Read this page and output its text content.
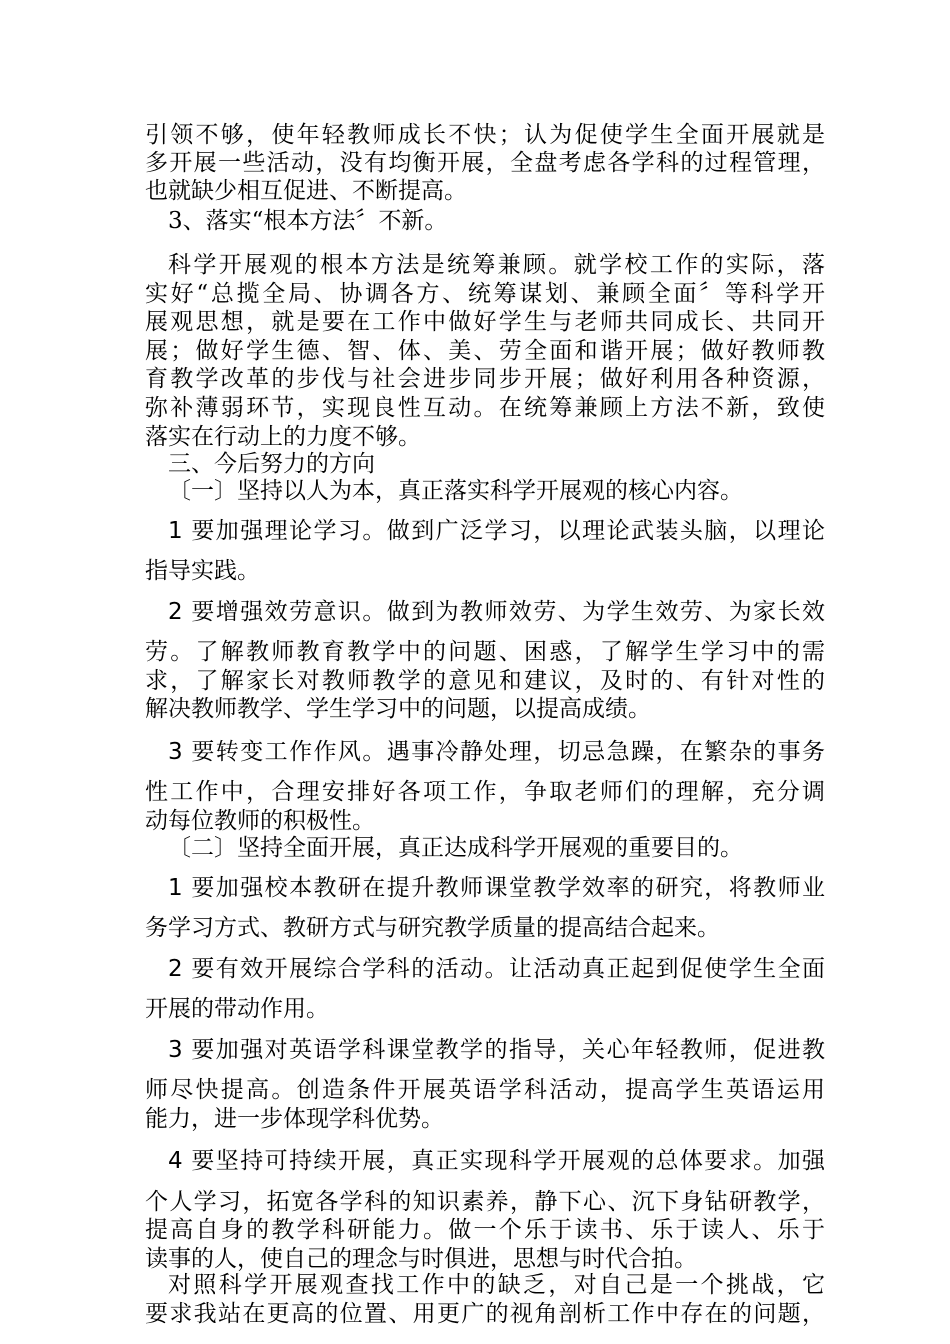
引领不够，使年轻教师成长不快；认为促使学生全面开展就是

多开展一些活动，没有均衡开展，全盘考虑各学科的过程管理，

也就缺少相互促进、不断提高。

3、落实“根本方法〞不新。

科学开展观的根本方法是统筹兼顾。就学校工作的实际，落

实好“总揽全局、协调各方、统筹谋划、兼顾全面〞等科学开

展观思想，就是要在工作中做好学生与老师共同成长、共同开

展；做好学生德、智、体、美、劳全面和谐开展；做好教师教

育教学改革的步伐与社会进步同步开展；做好利用各种资源，

弥补薄弱环节，实现良性互动。在统筹兼顾上方法不新，致使

落实在行动上的力度不够。

三、今后努力的方向

〔一〕坚持以人为本，真正落实科学开展观的核心内容。

1 要加强理论学习。做到广泛学习，以理论武装头脑，以理论

指导实践。

2 要增强效劳意识。做到为教师效劳、为学生效劳、为家长效

劳。了解教师教育教学中的问题、困惑，了解学生学习中的需

求，了解家长对教师教学的意见和建议，及时的、有针对性的

解决教师教学、学生学习中的问题，以提高成绩。

3 要转变工作作风。遇事冷静处理，切忌急躁，在繁杂的事务

性工作中，合理安排好各项工作，争取老师们的理解，充分调

动每位教师的积极性。

〔二〕坚持全面开展，真正达成科学开展观的重要目的。

1 要加强校本教研在提升教师课堂教学效率的研究，将教师业

务学习方式、教研方式与研究教学质量的提高结合起来。

2 要有效开展综合学科的活动。让活动真正起到促使学生全面

开展的带动作用。

3 要加强对英语学科课堂教学的指导，关心年轻教师，促进教

师尽快提高。创造条件开展英语学科活动，提高学生英语运用

能力，进一步体现学科优势。

4 要坚持可持续开展，真正实现科学开展观的总体要求。加强

个人学习，拓宽各学科的知识素养，静下心、沉下身钻研教学，

提高自身的教学科研能力。做一个乐于读书、乐于读人、乐于

读事的人，使自己的理念与时俱进，思想与时代合拍。

对照科学开展观查找工作中的缺乏，对自己是一个挑战，它

要求我站在更高的位置、用更广的视角剖析工作中存在的问题，
